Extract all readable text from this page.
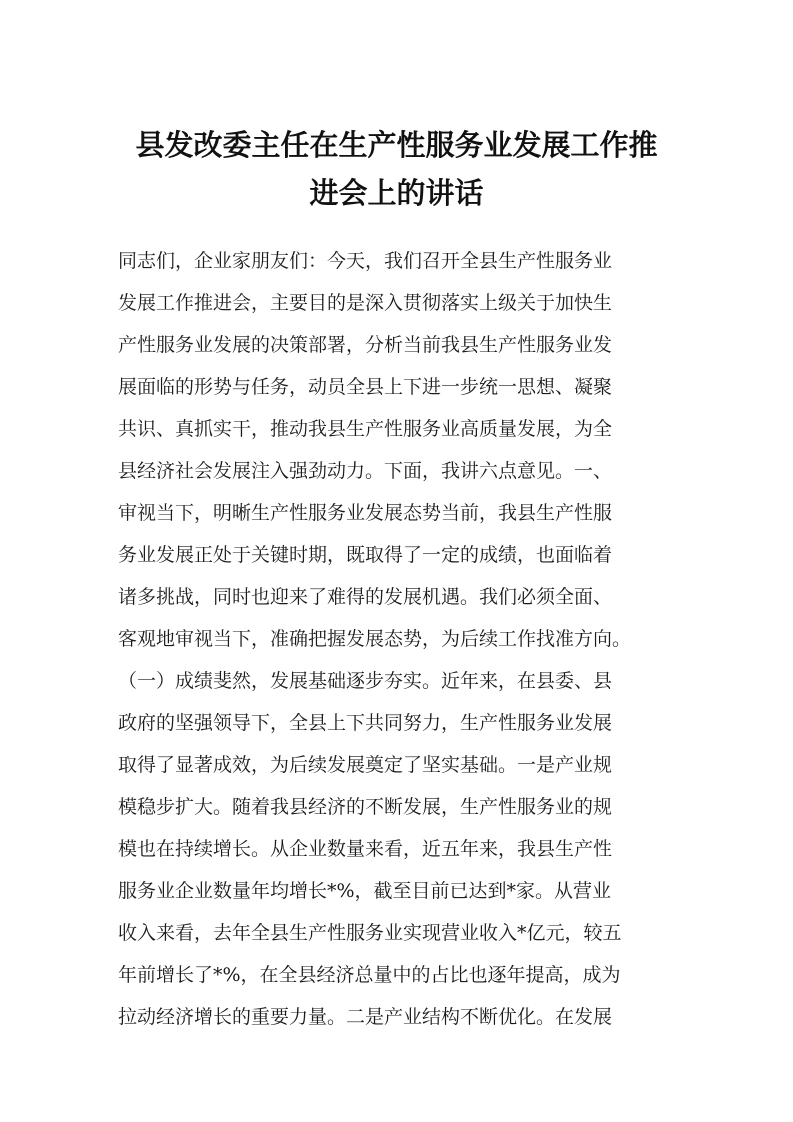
县发改委主任在生产性服务业发展工作推
进会上的讲话
同志们，企业家朋友们：今天，我们召开全县生产性服务业
发展工作推进会，主要目的是深入贯彻落实上级关于加快生
产性服务业发展的决策部署，分析当前我县生产性服务业发
展面临的形势与任务，动员全县上下进一步统一思想、凝聚
共识、真抓实干，推动我县生产性服务业高质量发展，为全
县经济社会发展注入强劲动力。下面，我讲六点意见。一、
审视当下，明晰生产性服务业发展态势当前，我县生产性服
务业发展正处于关键时期，既取得了一定的成绩，也面临着
诸多挑战，同时也迎来了难得的发展机遇。我们必须全面、
客观地审视当下，准确把握发展态势，为后续工作找准方向。
（一）成绩斐然，发展基础逐步夯实。近年来，在县委、县
政府的坚强领导下，全县上下共同努力，生产性服务业发展
取得了显著成效，为后续发展奠定了坚实基础。一是产业规
模稳步扩大。随着我县经济的不断发展，生产性服务业的规
模也在持续增长。从企业数量来看，近五年来，我县生产性
服务业企业数量年均增长*%，截至目前已达到*家。从营业
收入来看，去年全县生产性服务业实现营业收入*亿元，较五
年前增长了*%，在全县经济总量中的占比也逐年提高，成为
拉动经济增长的重要力量。二是产业结构不断优化。在发展
